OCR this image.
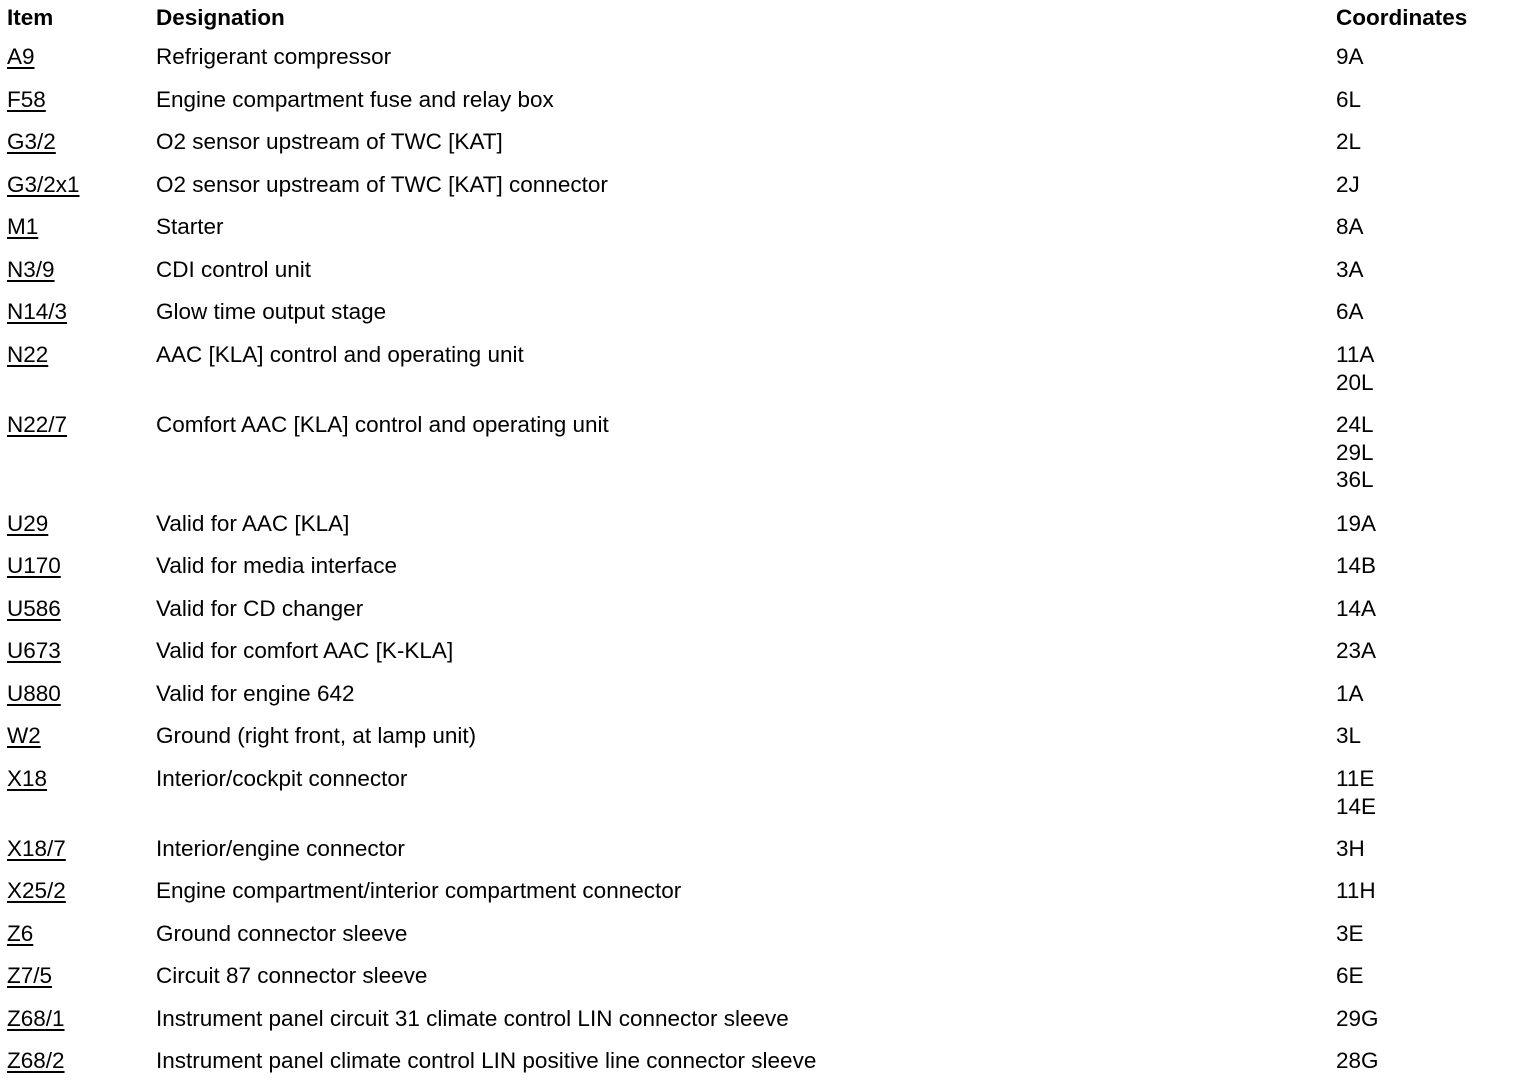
Item	Designation	Coordinates
A9	Refrigerant compressor	9A
F58	Engine compartment fuse and relay box	6L
G3/2	O2 sensor upstream of TWC [KAT]	2L
G3/2x1	O2 sensor upstream of TWC [KAT] connector	2J
M1	Starter	8A
N3/9	CDI control unit	3A
N14/3	Glow time output stage	6A
N22	AAC [KLA] control and operating unit	11A
20L
N22/7	Comfort AAC [KLA] control and operating unit	24L
29L
36L
U29	Valid for AAC [KLA]	19A
U170	Valid for media interface	14B
U586	Valid for CD changer	14A
U673	Valid for comfort AAC [K-KLA]	23A
U880	Valid for engine 642	1A
W2	Ground (right front, at lamp unit)	3L
X18	Interior/cockpit connector	11E
14E
X18/7	Interior/engine connector	3H
X25/2	Engine compartment/interior compartment connector	11H
Z6	Ground connector sleeve	3E
Z7/5	Circuit 87 connector sleeve	6E
Z68/1	Instrument panel circuit 31 climate control LIN connector sleeve	29G
Z68/2	Instrument panel climate control LIN positive line connector sleeve	28G
